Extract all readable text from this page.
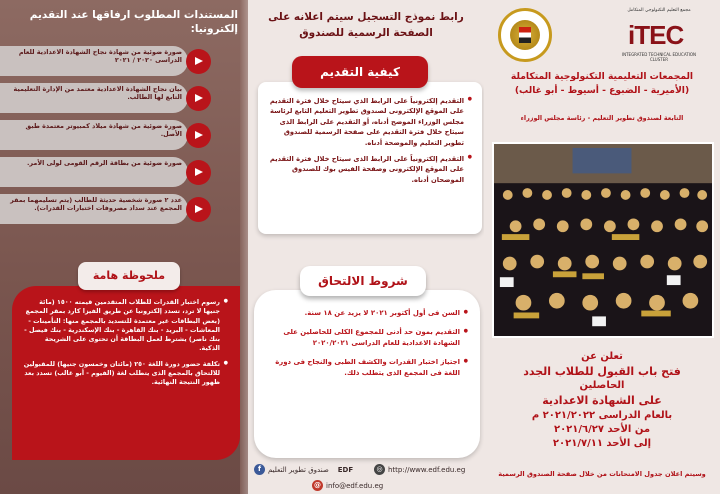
المستندات المطلوب ارفاقها عند التقديم إلكترونيا:
صورة ضوئية من شهادة نجاح الشهادة الاعدادية للعام الدراسى ٢٠٢٠ / ٢٠٢١
بيان نجاح الشهادة الاعدادية معتمد من الإدارة التعليمية التابع لها الطالب.
صورة ضوئية من شهادة ميلاد كمبيوتر معتمدة طبق الأصل.
صورة ضوئية من بطاقة الرقم القومى لولى الأمر.
عدد ٢ صورة شخصية حديثة للطالب (يتم تسليمهما بمقر المجمع عند سداد مصروفات اختبارات القدرات).

● رسوم اختبار القدرات للطلاب المتقدمين قيمته ١٥٠٠ (مائة جنيها لا ترد، تسدد إلكترونيا عن طريق الفيزا كارد بمقر المجمع (بعض البطاقات غير معتمدة للتسديد بالمجمع منها: التأمينات - المعاشات - البريد - بنك القاهرة - بنك الإسكندرية - بنك فيصل - بنك ناصر) يشترط لعمل البطاقة أن تحتوى على الشريحة الذكية.

● تكلفة حضور دورة اللغة ٢٥٠ (مائتان وخمسون جنيها) للمقبولين للالتحاق بالمجمع الذى يتطلب لغة (الفيوم - أبو غالب) تسدد بعد ظهور النتيجة النهائية.

ملحوظة هامة
رابط نموذج التسجيل سيتم اعلانه على الصفحة الرسمية للصندوق

● التقديم إلكترونياً على الرابط الذي سيتاح خلال فترة التقديم على الموقع الإلكترونى لصندوق تطوير التعليم التابع لرئاسة مجلس الوزراء الموضح أدناه، أو التقديم على الرابط الذى سيتاح خلال فترة التقديم على صفحة الرسمية للصندوق تطوير التعليم والموضحة أدناه.

● التقديم إلكترونياً على الرابط الذى سيتاح خلال فترة التقديم على الموقع الإلكترونى وصفحة الفيس بوك للصندوق الموضحان أدناه.

كيفية التقديم

● السن فى أول أكتوبر ٢٠٢١ لا يزيد عن ١٨ سنة.

● التقديم بمون حد أدنى للمجموع الكلى للحاصلين على الشهادة الاعدادية للعام الدراسى ٢٠٢٠/٢٠٢١

● اجتياز اختبار القدرات والكشف الطبى والنجاح فى دورة اللغة فى المجمع الذى يتطلب ذلك.

شروط الالتحاق
f صندوق تطوير التعليم EDF	◎ http://www.edf.edu.eg
@ info@edf.edu.eg
مجمع التعليم التكنولوجي المتكامل
iTEC
INTEGRATED TECHNICAL EDUCATION CLUSTER
المجمعات التعليمية التكنولوجية المتكاملة
(الأميرية - الضبوع - أسيوط - أبو غالب)
التابعة لصندوق تطوير التعليم - رئاسة مجلس الوزراء
تعلن عن
فتح باب القبول للطلاب الجدد
الحاصلين
على الشهادة الاعدادية
بالعام الدراسى ٢٠٢١/٢٠٢٢ م
من الأحد ٢٠٢١/٦/٢٧
إلى الأحد ٢٠٢١/٧/١١
وسيتم اعلان جدول الامتحانات من خلال صفحة الصندوق الرسمية
